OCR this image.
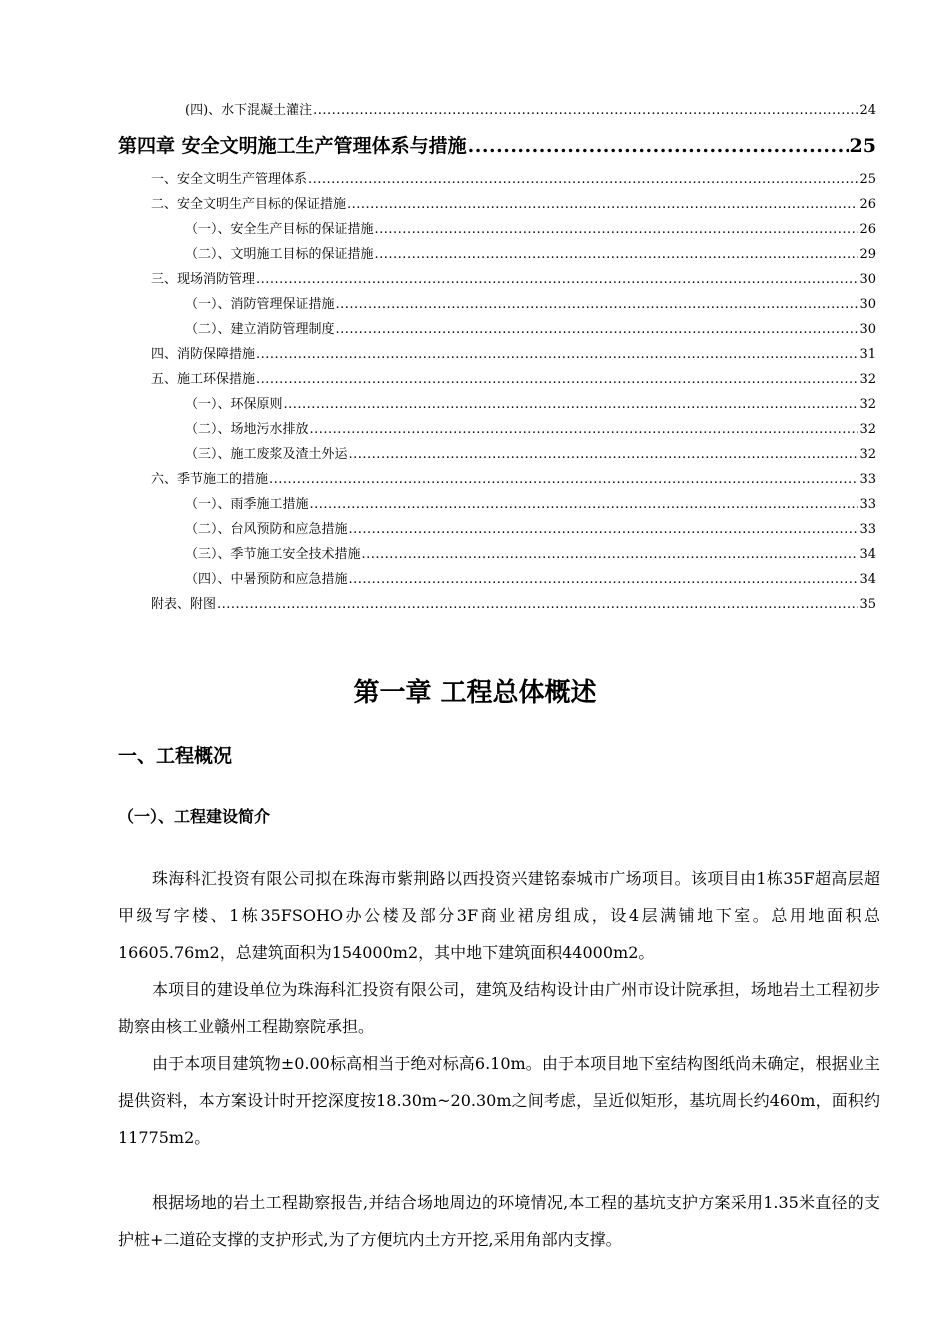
(四)、水下混凝土灌注 .....	24
第四章 安全文明施工生产管理体系与措施 .....	25
一、安全文明生产管理体系 .....	25
二、安全文明生产目标的保证措施 .....	26
（一）、安全生产目标的保证措施 .....	26
（二）、文明施工目标的保证措施 .....	29
三、现场消防管理 .....	30
（一）、消防管理保证措施 .....	30
（二）、建立消防管理制度 .....	30
四、消防保障措施 .....	31
五、施工环保措施 .....	32
（一）、环保原则 .....	32
（二）、场地污水排放 .....	32
（三）、施工废浆及渣土外运 .....	32
六、季节施工的措施 .....	33
（一）、雨季施工措施 .....	33
（二）、台风预防和应急措施 .....	33
（三）、季节施工安全技术措施 .....	34
（四）、中暑预防和应急措施 .....	34
附表、附图 .....	35
第一章 工程总体概述
一、工程概况
（一）、工程建设简介
珠海科汇投资有限公司拟在珠海市紫荆路以西投资兴建铭泰城市广场项目。该项目由1栋35F超高层超甲级写字楼、1栋35FSOHO办公楼及部分3F商业裙房组成，设4层满铺地下室。总用地面积总16605.76m2，总建筑面积为154000m2，其中地下建筑面积44000m2。
本项目的建设单位为珠海科汇投资有限公司，建筑及结构设计由广州市设计院承担，场地岩土工程初步勘察由核工业赣州工程勘察院承担。
由于本项目建筑物±0.00标高相当于绝对标高6.10m。由于本项目地下室结构图纸尚未确定，根据业主提供资料，本方案设计时开挖深度按18.30m~20.30m之间考虑，呈近似矩形，基坑周长约460m，面积约11775m2。
根据场地的岩土工程勘察报告,并结合场地周边的环境情况,本工程的基坑支护方案采用1.35米直径的支护桩+二道砼支撑的支护形式,为了方便坑内土方开挖,采用角部内支撑。
